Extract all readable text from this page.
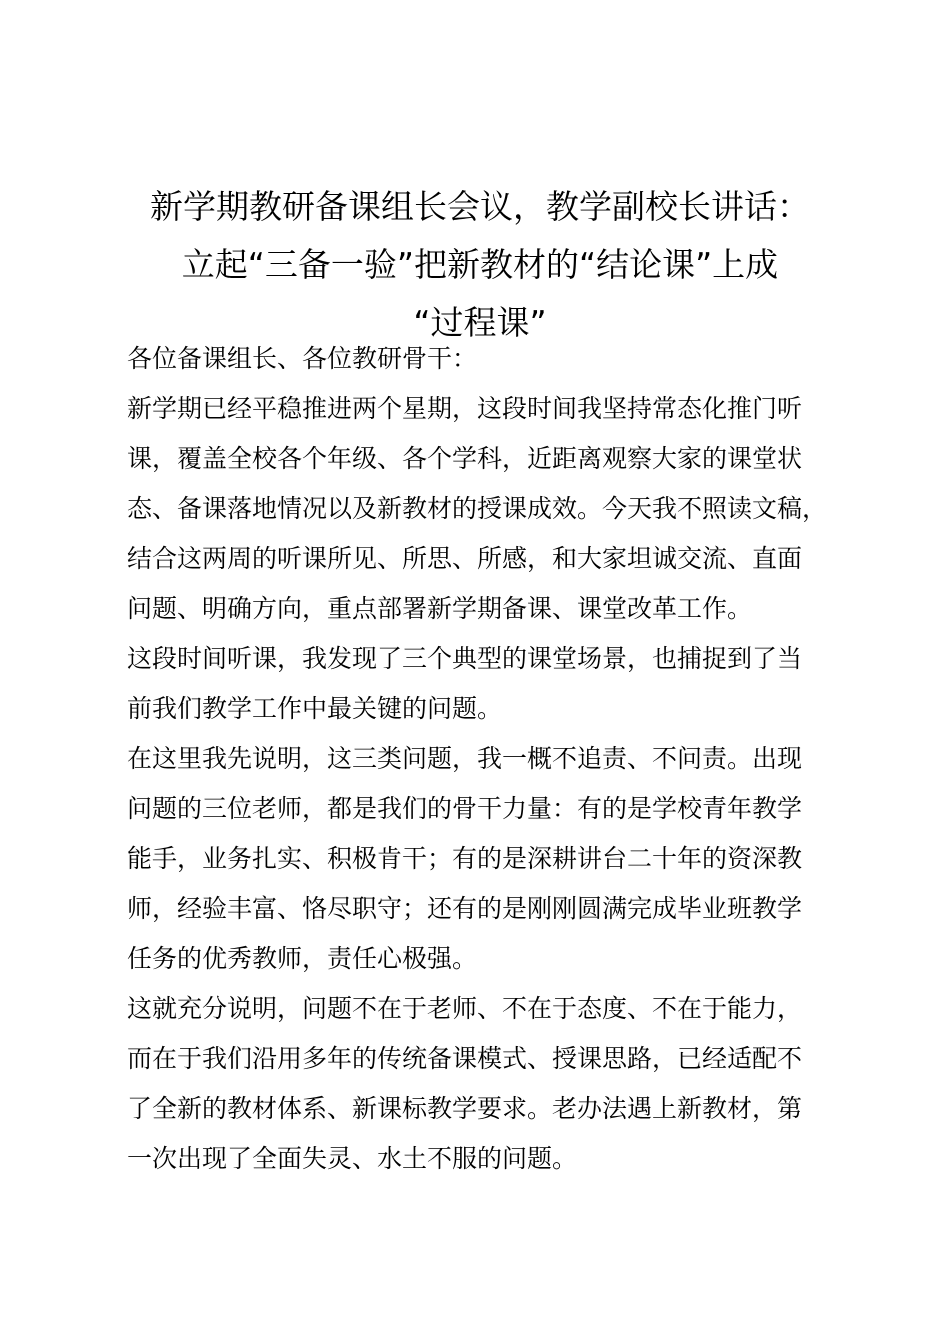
新学期教研备课组长会议，教学副校长讲话：
立起“三备一验”把新教材的“结论课”上成
“过程课”

各位备课组长、各位教研骨干：

新学期已经平稳推进两个星期，这段时间我坚持常态化推门听
课，覆盖全校各个年级、各个学科，近距离观察大家的课堂状
态、备课落地情况以及新教材的授课成效。今天我不照读文稿，
结合这两周的听课所见、所思、所感，和大家坦诚交流、直面
问题、明确方向，重点部署新学期备课、课堂改革工作。

这段时间听课，我发现了三个典型的课堂场景，也捕捉到了当
前我们教学工作中最关键的问题。

在这里我先说明，这三类问题，我一概不追责、不问责。出现
问题的三位老师，都是我们的骨干力量：有的是学校青年教学
能手，业务扎实、积极肯干；有的是深耕讲台二十年的资深教
师，经验丰富、恪尽职守；还有的是刚刚圆满完成毕业班教学
任务的优秀教师，责任心极强。

这就充分说明，问题不在于老师、不在于态度、不在于能力，
而在于我们沿用多年的传统备课模式、授课思路，已经适配不
了全新的教材体系、新课标教学要求。老办法遇上新教材，第
一次出现了全面失灵、水土不服的问题。
